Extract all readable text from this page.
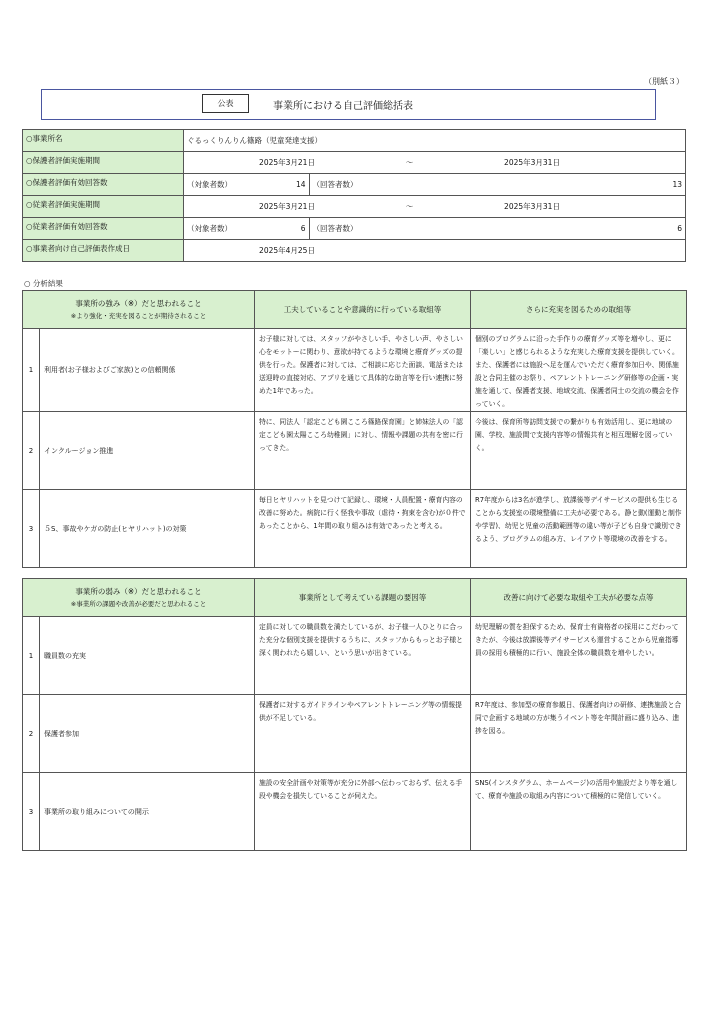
（別紙３）
公表	事業所における自己評価総括表
○事業所名	ぐるっくりんりん篠路（児童発達支援）	
○保護者評価実施期間	2025年3月21日 ～ 2025年3月31日	

○保護者評価有効回答数	（対象者数） 14	（回答者数） 13

○従業者評価実施期間	2025年3月21日 ～ 2025年3月31日	

○従業者評価有効回答数	（対象者数） 6	（回答者数） 6

○事業者向け自己評価表作成日	2025年4月25日	
○ 分析結果
事業所の強み（※）だと思われること
※より強化・充実を図ることが期待されること		工夫していることや意識的に行っている取組等	さらに充実を図るための取組等
1	利用者(お子様およびご家族)との信頼関係	お子様に対しては、スタッフがやさしい手、やさしい声、やさしい心をモットーに関わり、意欲が持てるような環境と療育グッズの提供を行った。保護者に対しては、ご相談に応じた面談、電話または送迎時の直接対応、アプリを通じて具体的な助言等を行い連携に努めた1年であった。	個別のプログラムに沿った手作りの療育グッズ等を増やし、更に「楽しい」と感じられるような充実した療育支援を提供していく。また、保護者には施設へ足を運んでいただく療育参加日や、関係施設と合同主催のお祭り、ペアレントトレーニング研修等の企画・実施を通して、保護者支援、地域交流、保護者同士の交流の機会を作っていく。
2	インクルージョン推進	特に、同法人「認定こども園こころ篠路保育園」と姉妹法人の「認定こども園太陽こころ幼稚園」に対し、情報や課題の共有を密に行ってきた。	今後は、保育所等訪問支援での繋がりも有効活用し、更に地域の園、学校、施設間で支援内容等の情報共有と相互理解を図っていく。
3	５S、事故やケガの防止(ヒヤリハット)の対策	毎日ヒヤリハットを見つけて記録し、環境・人員配置・療育内容の改善に努めた。病院に行く怪我や事故（虐待・拘束を含む)が０件であったことから、1年間の取り組みは有効であったと考える。	R7年度からは3名が進学し、放課後等デイサービスの提供も生じることから支援室の環境整備に工夫が必要である。静と動(運動と制作や学習)、幼児と児童の活動範囲等の違い等が子ども自身で識別できるよう、プログラムの組み方、レイアウト等環境の改善をする。
事業所の弱み（※）だと思われること
※事業所の課題や改善が必要だと思われること		事業所として考えている課題の要因等	改善に向けて必要な取組や工夫が必要な点等
1	職員数の充実	定員に対しての職員数を満たしているが、お子様一人ひとりに合った充分な個別支援を提供するうちに、スタッフからもっとお子様と深く関われたら嬉しい、という思いが出きている。	幼児理解の質を担保するため、保育士有資格者の採用にこだわってきたが、今後は放課後等デイサービスも運営することから児童指導員の採用も積極的に行い、施設全体の職員数を増やしたい。
2	保護者参加	保護者に対するガイドラインやペアレントトレーニング等の情報提供が不足している。	R7年度は、参加型の療育参観日、保護者向けの研修、連携施設と合同で企画する地域の方が集うイベント等を年間計画に盛り込み、進捗を図る。
3	事業所の取り組みについての開示	施設の安全計画や対策等が充分に外部へ伝わっておらず、伝える手段や機会を損失していることが伺えた。	SNS(インスタグラム、ホームページ)の活用や施設だより等を通して、療育や施設の取組み内容について積極的に発信していく。
